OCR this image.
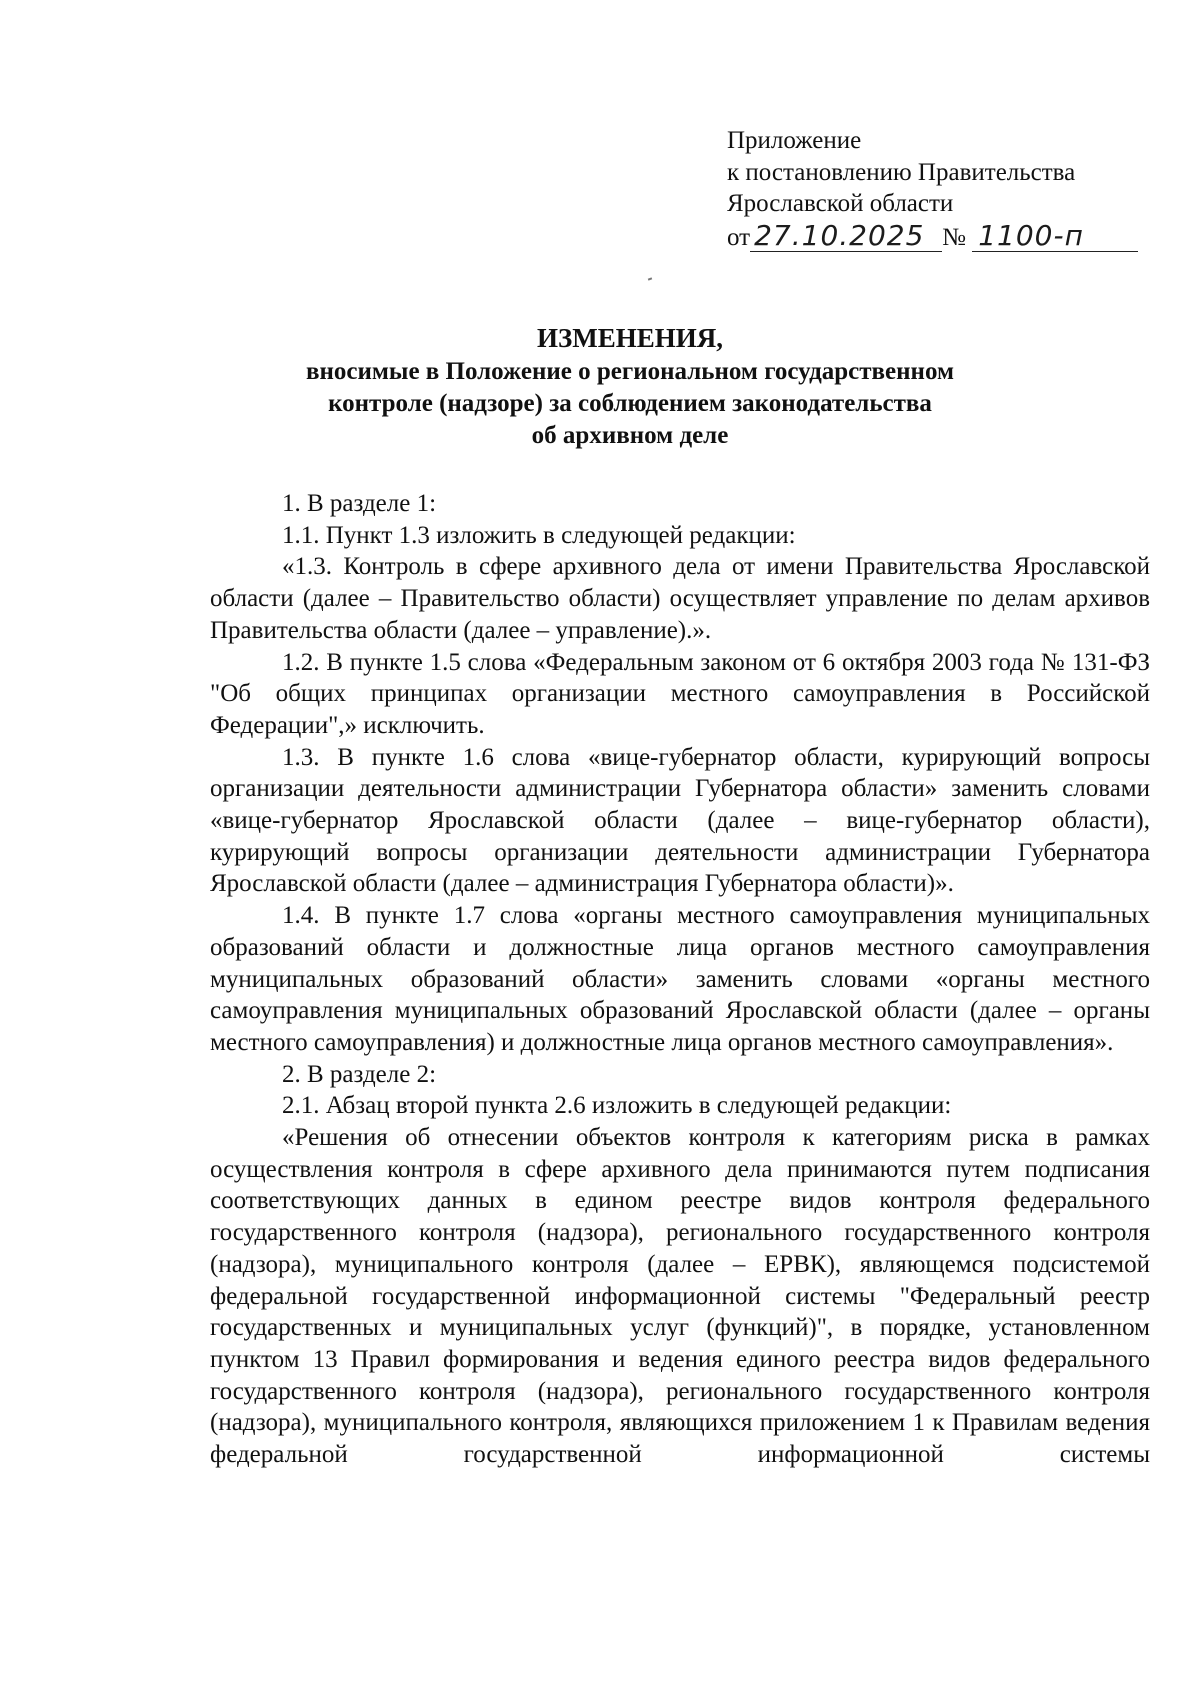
Приложение
к постановлению Правительства
Ярославской области
от 27.10.2025 № 1100-п
ИЗМЕНЕНИЯ,
вносимые в Положение о региональном государственном
контроле (надзоре) за соблюдением законодательства
об архивном деле

1. В разделе 1:

1.1. Пункт 1.3 изложить в следующей редакции:

«1.3. Контроль в сфере архивного дела от имени Правительства Ярославской области (далее – Правительство области) осуществляет управление по делам архивов Правительства области (далее – управление).».

1.2. В пункте 1.5 слова «Федеральным законом от 6 октября 2003 года № 131-ФЗ "Об общих принципах организации местного самоуправления в Российской Федерации",» исключить.

1.3. В пункте 1.6 слова «вице-губернатор области, курирующий вопросы организации деятельности администрации Губернатора области» заменить словами «вице-губернатор Ярославской области (далее – вице-губернатор области), курирующий вопросы организации деятельности администрации Губернатора Ярославской области (далее – администрация Губернатора области)».

1.4. В пункте 1.7 слова «органы местного самоуправления муниципальных образований области и должностные лица органов местного самоуправления муниципальных образований области» заменить словами «органы местного самоуправления муниципальных образований Ярославской области (далее – органы местного самоуправления) и должностные лица органов местного самоуправления».

2. В разделе 2:

2.1. Абзац второй пункта 2.6 изложить в следующей редакции:

«Решения об отнесении объектов контроля к категориям риска в рамках осуществления контроля в сфере архивного дела принимаются путем подписания соответствующих данных в едином реестре видов контроля федерального государственного контроля (надзора), регионального государственного контроля (надзора), муниципального контроля (далее – ЕРВК), являющемся подсистемой федеральной государственной информационной системы "Федеральный реестр государственных и муниципальных услуг (функций)", в порядке, установленном пунктом 13 Правил формирования и ведения единого реестра видов федерального государственного контроля (надзора), регионального государственного контроля (надзора), муниципального контроля, являющихся приложением 1 к Правилам ведения федеральной государственной информационной системы
